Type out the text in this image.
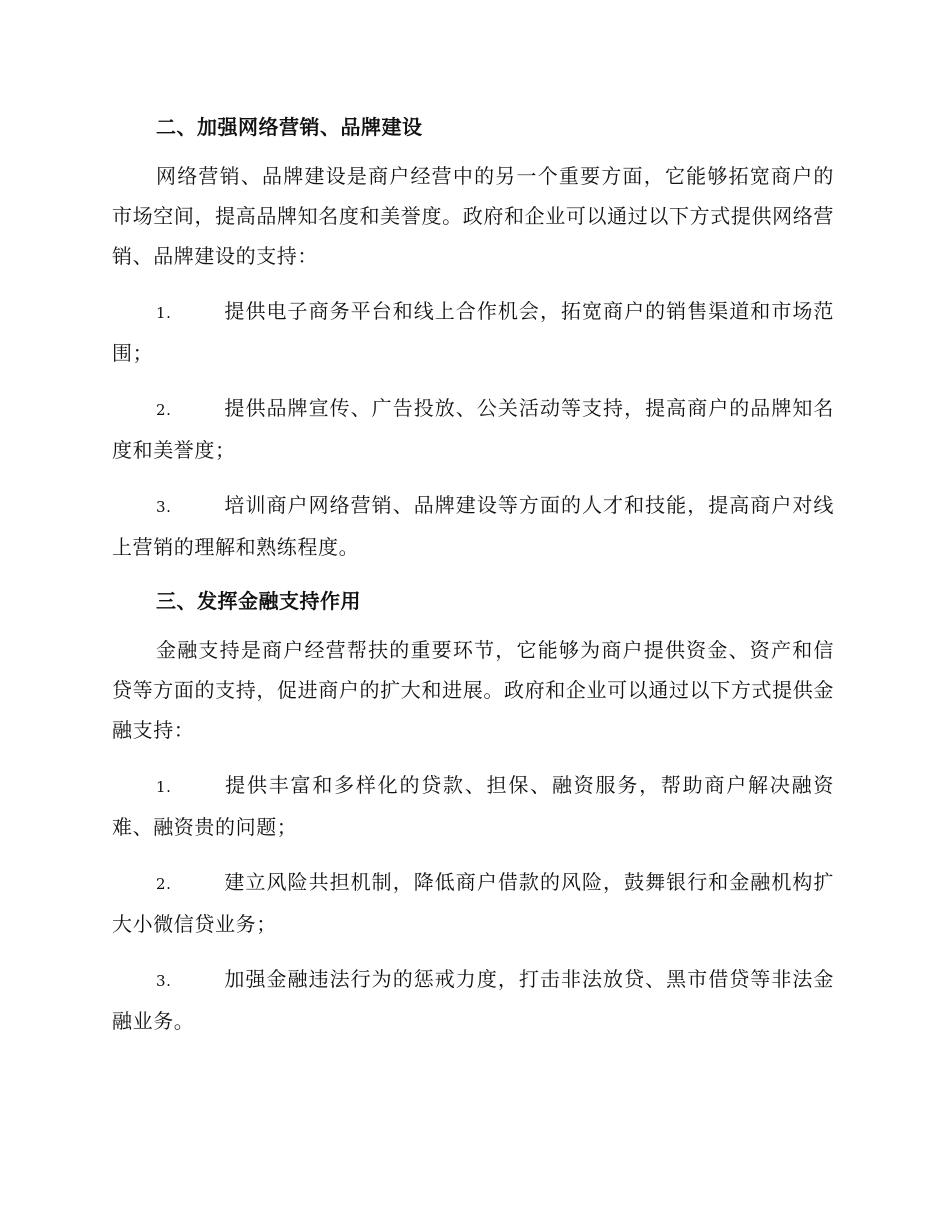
二、加强网络营销、品牌建设

网络营销、品牌建设是商户经营中的另一个重要方面，它能够拓宽商户的市场空间，提高品牌知名度和美誉度。政府和企业可以通过以下方式提供网络营销、品牌建设的支持：

1.	提供电子商务平台和线上合作机会，拓宽商户的销售渠道和市场范围；

2.	提供品牌宣传、广告投放、公关活动等支持，提高商户的品牌知名度和美誉度；

3.	培训商户网络营销、品牌建设等方面的人才和技能，提高商户对线上营销的理解和熟练程度。

三、发挥金融支持作用

金融支持是商户经营帮扶的重要环节，它能够为商户提供资金、资产和信贷等方面的支持，促进商户的扩大和进展。政府和企业可以通过以下方式提供金融支持：

1.	提供丰富和多样化的贷款、担保、融资服务，帮助商户解决融资难、融资贵的问题；

2.	建立风险共担机制，降低商户借款的风险，鼓舞银行和金融机构扩大小微信贷业务；

3.	加强金融违法行为的惩戒力度，打击非法放贷、黑市借贷等非法金融业务。
